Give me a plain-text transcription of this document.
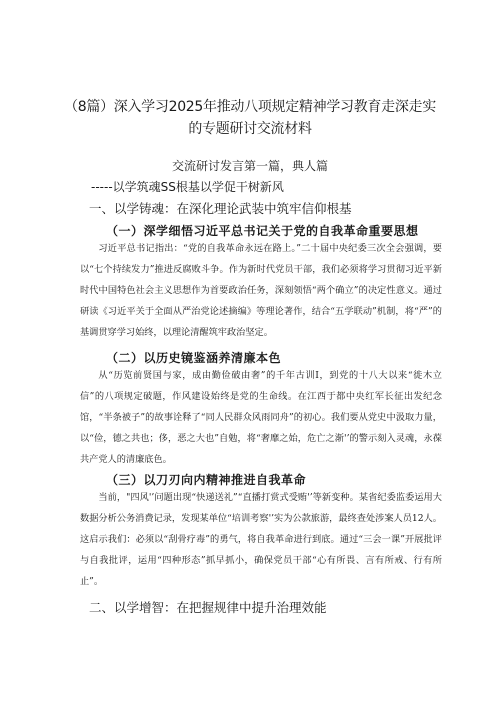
（8篇）深入学习2025年推动八项规定精神学习教育走深走实
的专题研讨交流材料
交流研讨发言第一篇，典人篇
-----以学筑魂SS根基以学促干树新风
一、以学铸魂：在深化理论武装中筑牢信仰根基
（一）深学细悟习近平总书记关于党的自我革命重要思想

习近平总书记指出：“党的自我革命永远在路上。”二十届中央纪委三次全会强调，要以“七个持续发力”推进反腐败斗争。作为新时代党员干部，我们必须将学习贯彻习近平新时代中国特色社会主义思想作为首要政治任务，深刻领悟“两个确立”的决定性意义。通过研读《习近平关于全面从严治党论述摘编》等理论著作，结合“五学联动”机制，将“严”的基调贯穿学习始终，以理论清醒筑牢政治坚定。

（二）以历史镜鉴涵养清廉本色

从“历览前贤国与家，成由勤俭破由奢”的千年古训I，到党的十八大以来“徙木立信”的八项规定破题，作风建设始终是党的生命线。在江西于都中央红军长征出发纪念馆，“半条被子”的故事诠释了“同人民群众风雨同舟”的初心。我们要从党史中汲取力量，以“俭，德之共也；侈，恶之大也”自勉，将“奢靡之始，危亡之渐'’的警示刻入灵魂，永葆共产党人的清廉底色。

（三）以刀刃向内精神推进自我革命

当前，"四风'’问题出现“快递送礼”“直播打赏式受贿'’等新变种。某省纪委监委运用大数据分析公务消费记录，发现某单位“培训考察'’实为公款旅游，最终查处涉案人员12人。这启示我们：必须以“刮骨疗毒”的勇气，将自我革命进行到底。通过“三会一课”开展批评与自我批评，运用“四种形态”抓早抓小，确保党员干部“心有所畏、言有所戒、行有所止”。

二、以学增智：在把握规律中提升治理效能
